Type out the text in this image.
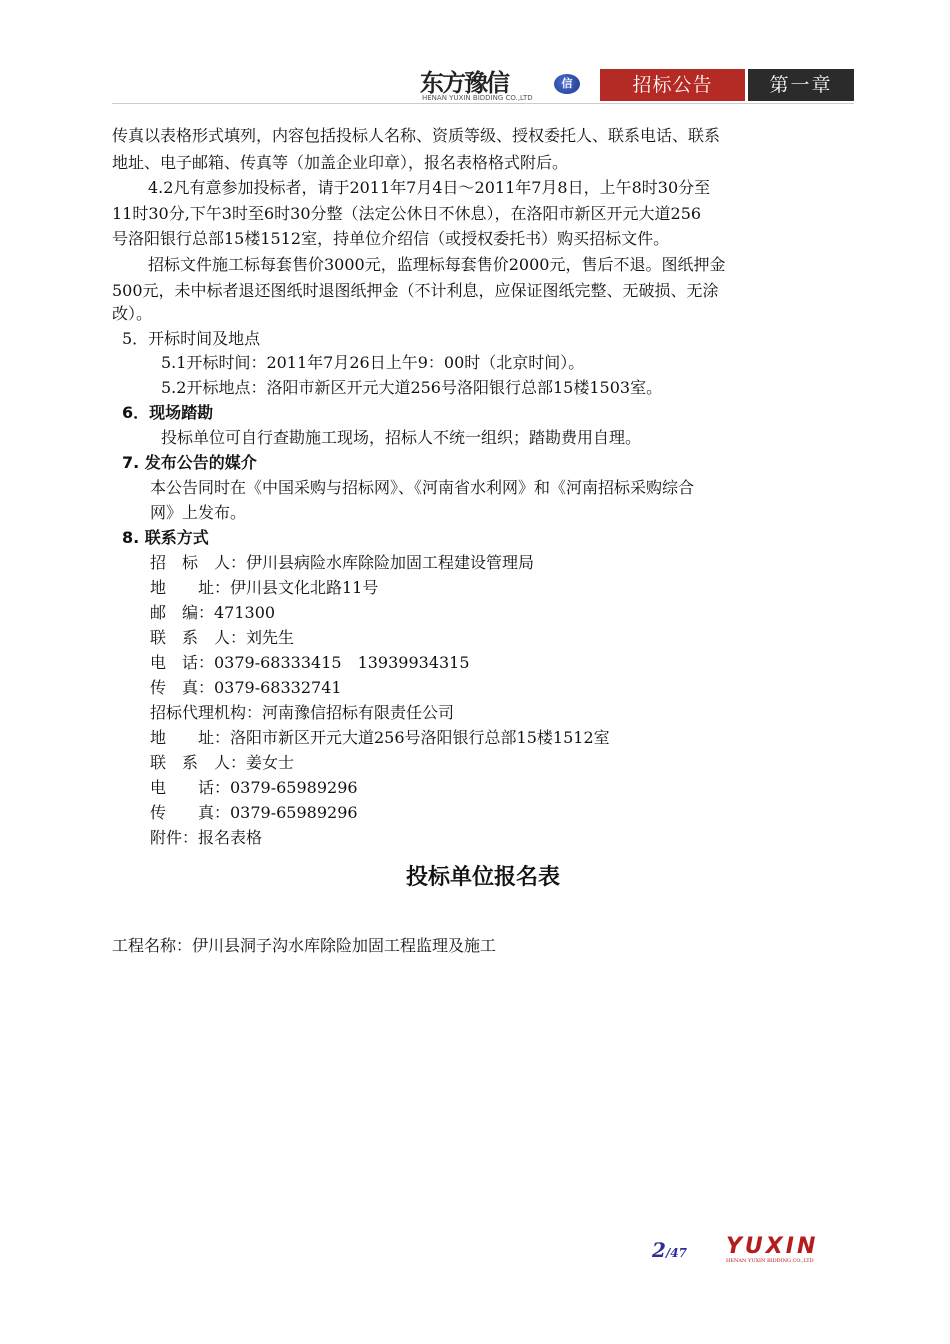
东方豫信	信
HENAN YUXIN BIDDING CO.,LTD
招标公告	第一章
传真以表格形式填列，内容包括投标人名称、资质等级、授权委托人、联系电话、联系
地址、电子邮箱、传真等（加盖企业印章），报名表格格式附后。
4.2凡有意参加投标者，请于2011年7月4日～2011年7月8日，上午8时30分至
11时30分,下午3时至6时30分整（法定公休日不休息），在洛阳市新区开元大道256
号洛阳银行总部15楼1512室，持单位介绍信（或授权委托书）购买招标文件。
招标文件施工标每套售价3000元，监理标每套售价2000元，售后不退。图纸押金
500元，未中标者退还图纸时退图纸押金（不计利息，应保证图纸完整、无破损、无涂
改）。
5．开标时间及地点
5.1开标时间：2011年7月26日上午9：00时（北京时间）。
5.2开标地点：洛阳市新区开元大道256号洛阳银行总部15楼1503室。
6．现场踏勘
投标单位可自行查勘施工现场，招标人不统一组织；踏勘费用自理。
7. 发布公告的媒介
本公告同时在《中国采购与招标网》、《河南省水利网》和《河南招标采购综合
网》上发布。
8. 联系方式
招　标　人：伊川县病险水库除险加固工程建设管理局
地　　址：伊川县文化北路11号
邮　编：471300
联　系　人：刘先生
电　话：0379-68333415　13939934315
传　真：0379-68332741
招标代理机构：河南豫信招标有限责任公司
地　　址：洛阳市新区开元大道256号洛阳银行总部15楼1512室
联　系　人：姜女士
电　　话：0379-65989296
传　　真：0379-65989296
附件：报名表格
投标单位报名表
工程名称：伊川县洞子沟水库除险加固工程监理及施工
2/47 YUXIN
HENAN YUXIN BIDDING CO.,LTD
